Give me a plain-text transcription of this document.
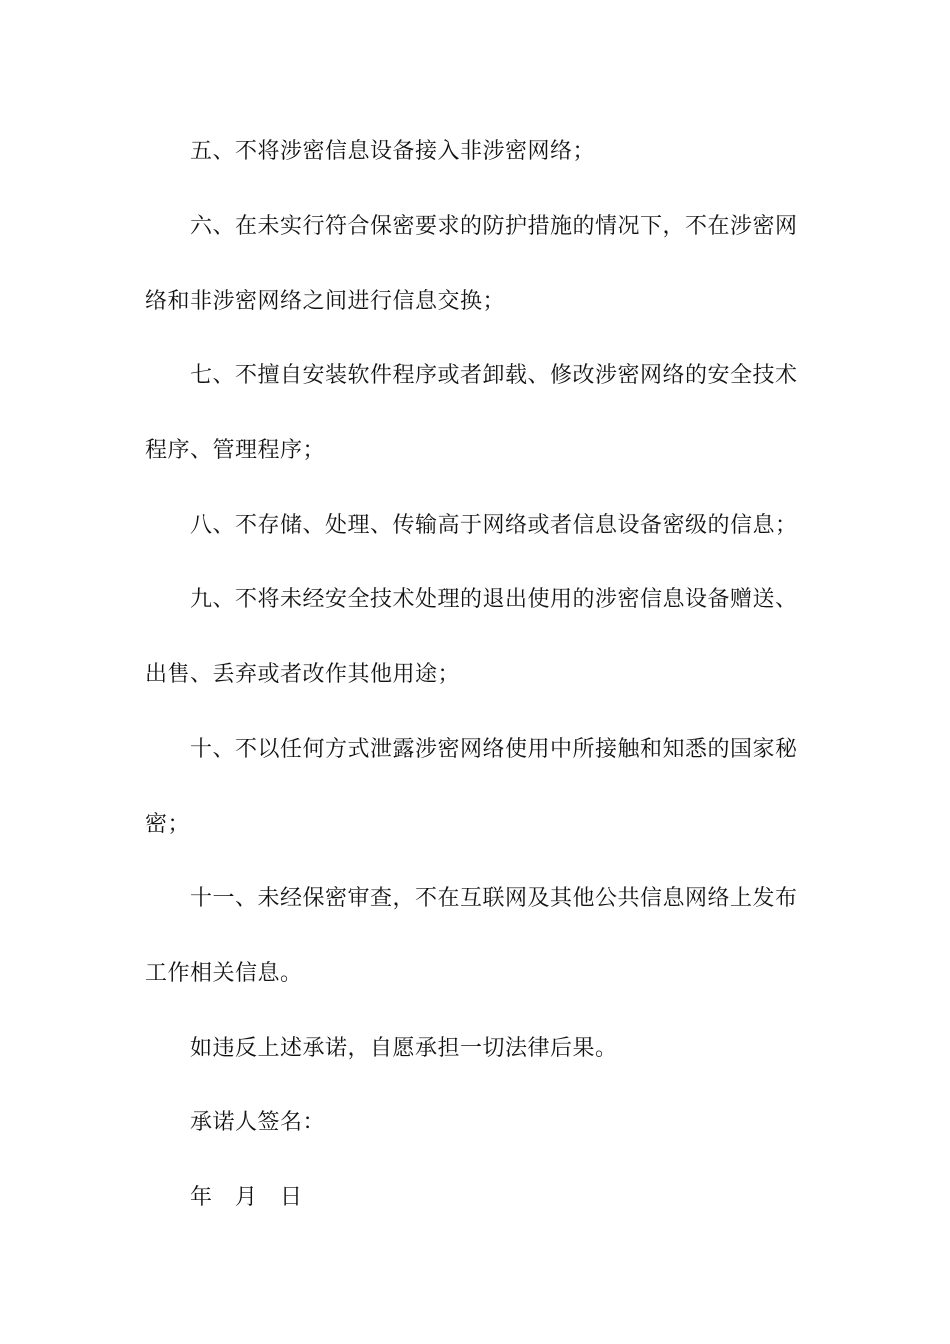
五、不将涉密信息设备接入非涉密网络；
六、在未实行符合保密要求的防护措施的情况下，不在涉密网
络和非涉密网络之间进行信息交换；
七、不擅自安装软件程序或者卸载、修改涉密网络的安全技术
程序、管理程序；
八、不存储、处理、传输高于网络或者信息设备密级的信息；
九、不将未经安全技术处理的退出使用的涉密信息设备赠送、
出售、丢弃或者改作其他用途；
十、不以任何方式泄露涉密网络使用中所接触和知悉的国家秘
密；
十一、未经保密审查，不在互联网及其他公共信息网络上发布
工作相关信息。
如违反上述承诺，自愿承担一切法律后果。
承诺人签名：
年　月　日
